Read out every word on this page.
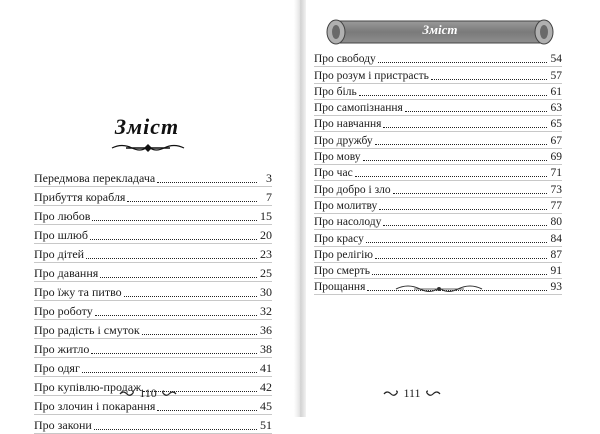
Зміст
Передмова перекладача	3
Прибуття корабля	7
Про любов	15
Про шлюб	20
Про дітей	23
Про давання	25
Про їжу та питво	30
Про роботу	32
Про радість і смуток	36
Про житло	38
Про одяг	41
Про купівлю-продаж	42
Про злочин і покарання	45
Про закони	51
110
Зміст
Про свободу	54
Про розум і пристрасть	57
Про біль	61
Про самопізнання	63
Про навчання	65
Про дружбу	67
Про мову	69
Про час	71
Про добро і зло	73
Про молитву	77
Про насолоду	80
Про красу	84
Про релігію	87
Про смерть	91
Прощання	93
111
